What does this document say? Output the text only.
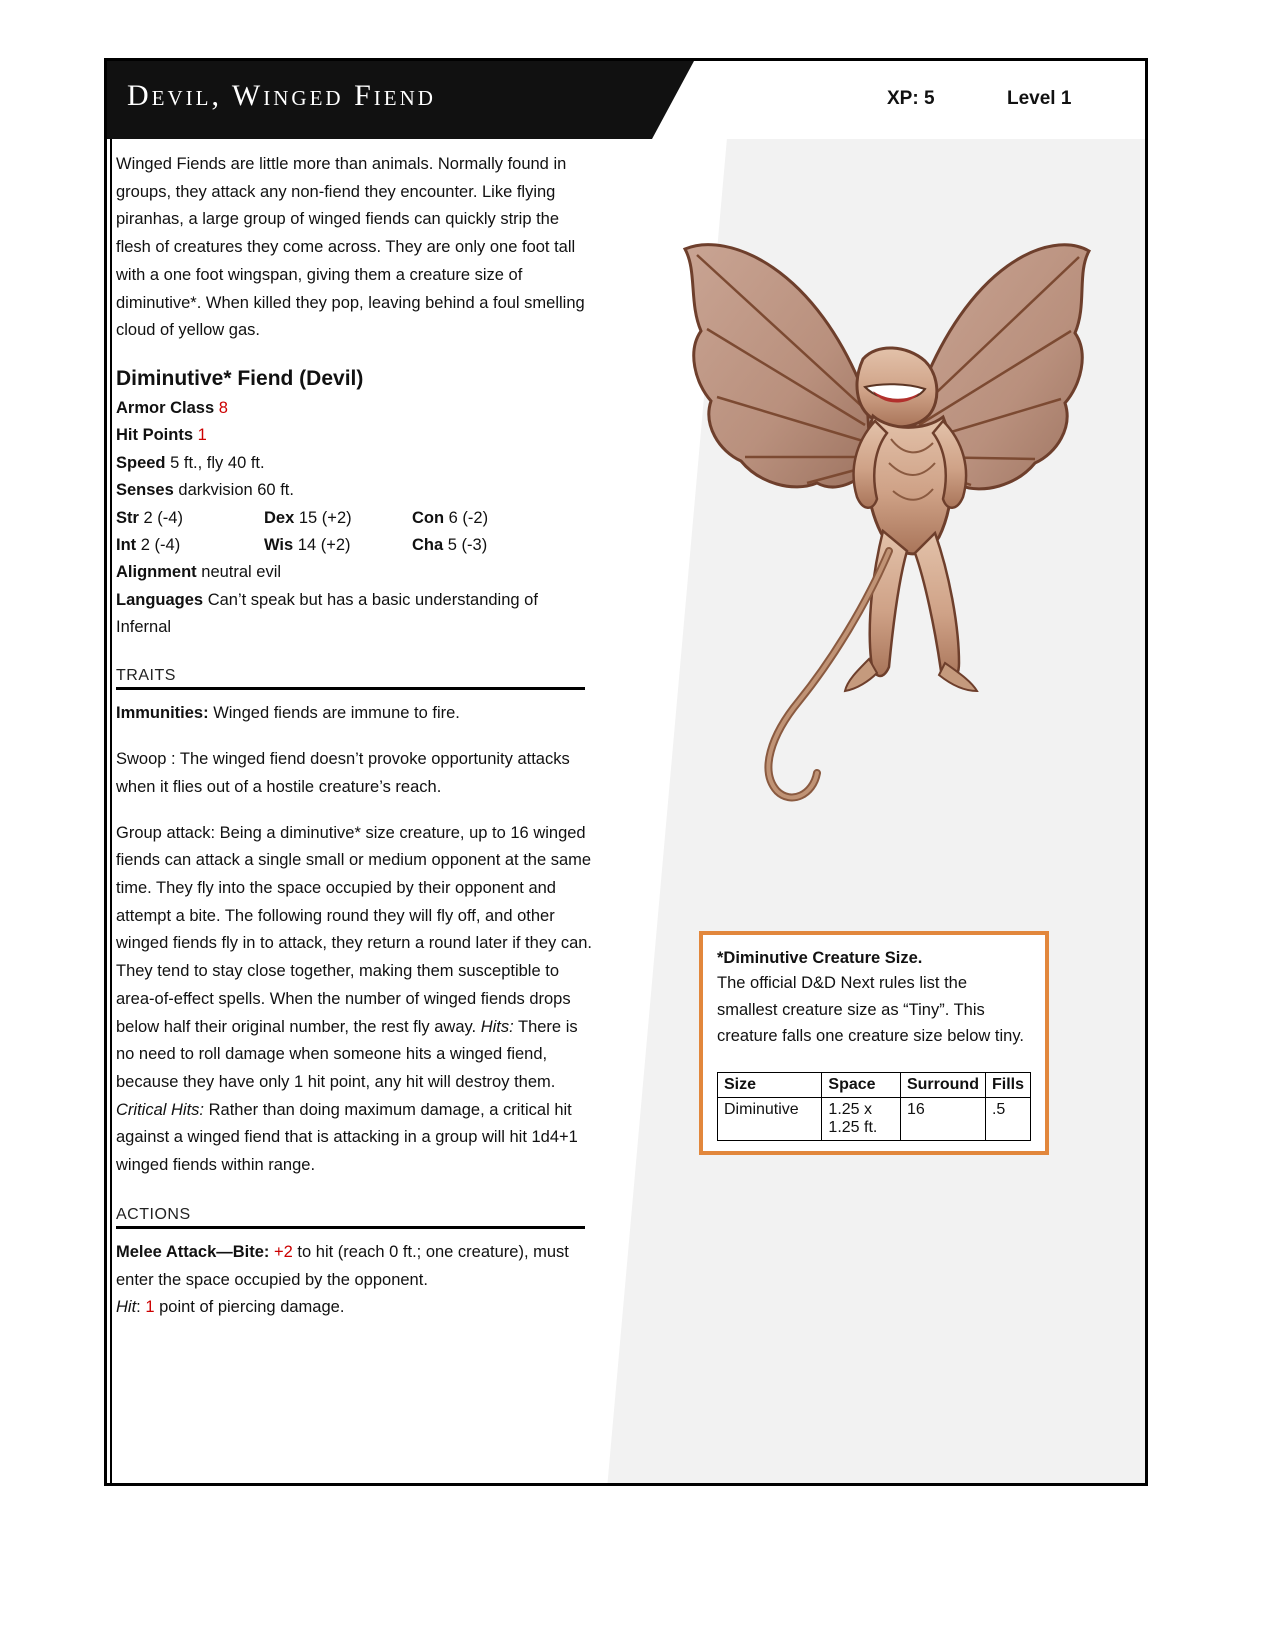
Devil, Winged Fiend	XP: 5	Level 1

Winged Fiends are little more than animals. Normally found in groups, they attack any non-fiend they encounter. Like flying piranhas, a large group of winged fiends can quickly strip the flesh of creatures they come across. They are only one foot tall with a one foot wingspan, giving them a creature size of diminutive*. When killed they pop, leaving behind a foul smelling cloud of yellow gas.

Diminutive* Fiend (Devil)
Armor Class 8
Hit Points 1
Speed 5 ft., fly 40 ft.
Senses darkvision 60 ft.
Str 2 (-4)	Dex 15 (+2)	Con 6 (-2)
Int 2 (-4)	Wis 14 (+2)	Cha 5 (-3)
Alignment neutral evil
Languages Can’t speak but has a basic understanding of Infernal
TRAITS
Immunities: Winged fiends are immune to fire.
Swoop : The winged fiend doesn’t provoke opportunity attacks when it flies out of a hostile creature’s reach.
Group attack: Being a diminutive* size creature, up to 16 winged fiends can attack a single small or medium opponent at the same time. They fly into the space occupied by their opponent and attempt a bite. The following round they will fly off, and other winged fiends fly in to attack, they return a round later if they can. They tend to stay close together, making them susceptible to area-of-effect spells. When the number of winged fiends drops below half their original number, the rest fly away. Hits: There is no need to roll damage when someone hits a winged fiend, because they have only 1 hit point, any hit will destroy them. Critical Hits: Rather than doing maximum damage, a critical hit against a winged fiend that is attacking in a group will hit 1d4+1 winged fiends within range.
ACTIONS
Melee Attack—Bite: +2 to hit (reach 0 ft.; one creature), must enter the space occupied by the opponent.
Hit: 1 point of piercing damage.
*Diminutive Creature Size.
The official D&D Next rules list the smallest creature size as “Tiny”. This creature falls one creature size below tiny.
Size	Space	Surround	Fills
Diminutive	1.25 x 1.25 ft.	16	.5
